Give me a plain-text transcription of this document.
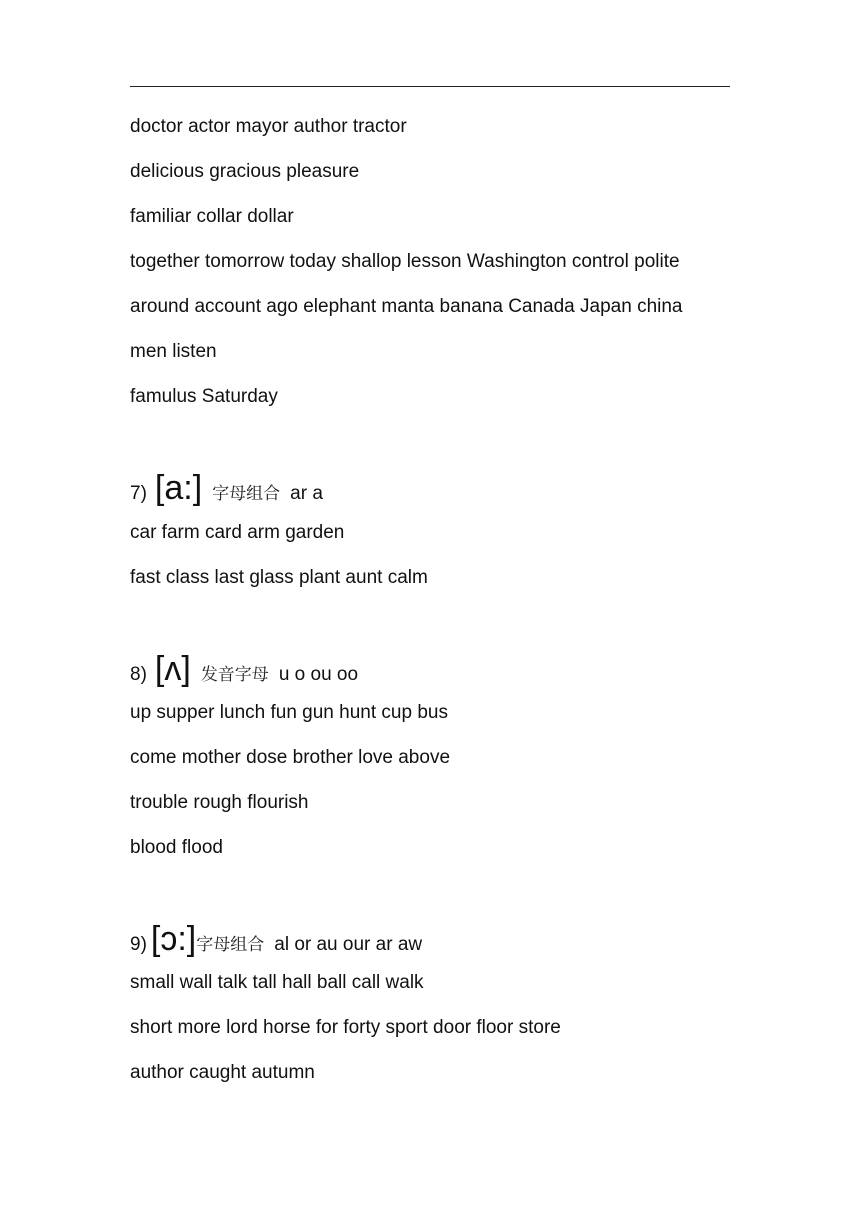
doctor actor mayor author tractor
delicious gracious pleasure
familiar collar dollar
together tomorrow today shallop lesson Washington control polite
around account ago elephant manta banana Canada Japan china
men listen
famulus Saturday
7) [a:] 字母组合 ar a
car farm card arm garden
fast class last glass plant aunt calm
8) [ʌ] 发音字母 u o ou oo
up supper lunch fun gun hunt cup bus
come mother dose brother love above
trouble rough flourish
blood flood
9) [ɔ:] 字母组合 al or au our ar aw
small wall talk tall hall ball call walk
short more lord horse for forty sport door floor store
author caught autumn
